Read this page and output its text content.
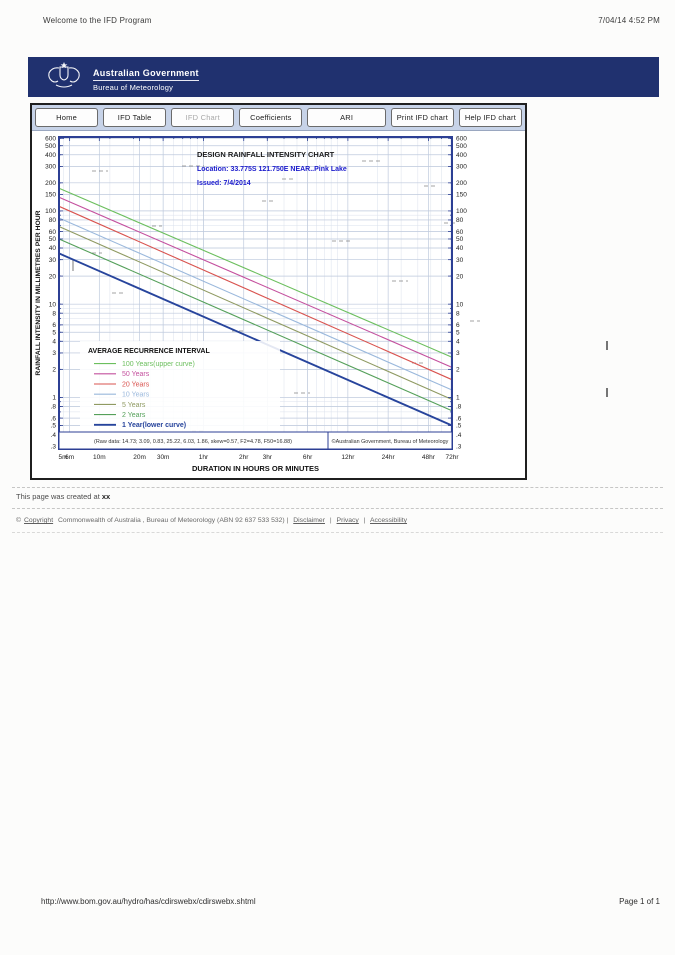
Welcome to the IFD Program	7/04/14 4:52 PM
Australian Government
Bureau of Meteorology
Home	IFD Table	IFD Chart	Coefficients	ARI	Print IFD chart	Help IFD chart
600	600
500	500
400	400
300	300
200	200
150	150
100	100
80	80
60	60
50	50
40	40
30	30
20	20
10	10
8	8
6	6
5	5
4	4
3	3
2	2
1	1
.8	.8
.6	.6
.5	.5
.4	.4
.3	.3
5m
6m	10m	20m 30m	1hr	2hr 3hr	6hr	12hr	24hr	48hr 72hr
DURATION IN HOURS OR MINUTES
RAINFALL INTENSITY IN MILLIMETRES PER HOUR
DESIGN RAINFALL INTENSITY CHART
Location: 33.775S 121.750E NEAR..Pink Lake
Issued: 7/4/2014
AVERAGE RECURRENCE INTERVAL
100 Years(upper curve)
50 Years
20 Years
10 Years
5 Years
2 Years
1 Year(lower curve)
(Raw data: 14.73; 3.09, 0.83, 25.22, 6.03, 1.86, skew=0.57, F2=4.78, F50=16.88)	©Australian Government, Bureau of Meteorology
This page was created at xx
© Copyright Commonwealth of Australia , Bureau of Meteorology (ABN 92 637 533 532) | Disclaimer | Privacy | Accessibility
http://www.bom.gov.au/hydro/has/cdirswebx/cdirswebx.shtml	Page 1 of 1
